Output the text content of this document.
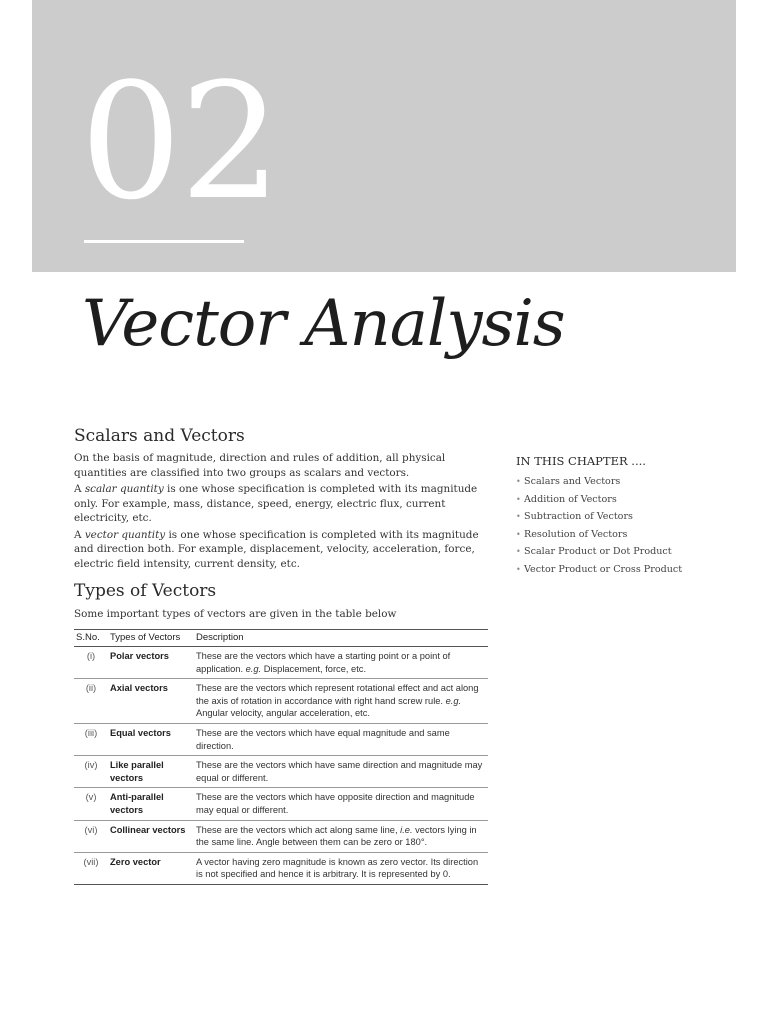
02
Vector Analysis
Scalars and Vectors

On the basis of magnitude, direction and rules of addition, all physical quantities are classified into two groups as scalars and vectors.

A scalar quantity is one whose specification is completed with its magnitude only. For example, mass, distance, speed, energy, electric flux, current electricity, etc.

A vector quantity is one whose specification is completed with its magnitude and direction both. For example, displacement, velocity, acceleration, force, electric field intensity, current density, etc.

Types of Vectors

Some important types of vectors are given in the table below

S.No.	Types of Vectors	Description
(i)	Polar vectors	These are the vectors which have a starting point or a point of application. e.g. Displacement, force, etc.
(ii)	Axial vectors	These are the vectors which represent rotational effect and act along the axis of rotation in accordance with right hand screw rule. e.g. Angular velocity, angular acceleration, etc.
(iii)	Equal vectors	These are the vectors which have equal magnitude and same direction.
(iv)	Like parallel vectors	These are the vectors which have same direction and magnitude may equal or different.
(v)	Anti-parallel vectors	These are the vectors which have opposite direction and magnitude may equal or different.
(vi)	Collinear vectors	These are the vectors which act along same line, i.e. vectors lying in the same line. Angle between them can be zero or 180°.
(vii)	Zero vector	A vector having zero magnitude is known as zero vector. Its direction is not specified and hence it is arbitrary. It is represented by 0.
IN THIS CHAPTER ....
• Scalars and Vectors
• Addition of Vectors
• Subtraction of Vectors
• Resolution of Vectors
• Scalar Product or Dot Product
• Vector Product or Cross Product
